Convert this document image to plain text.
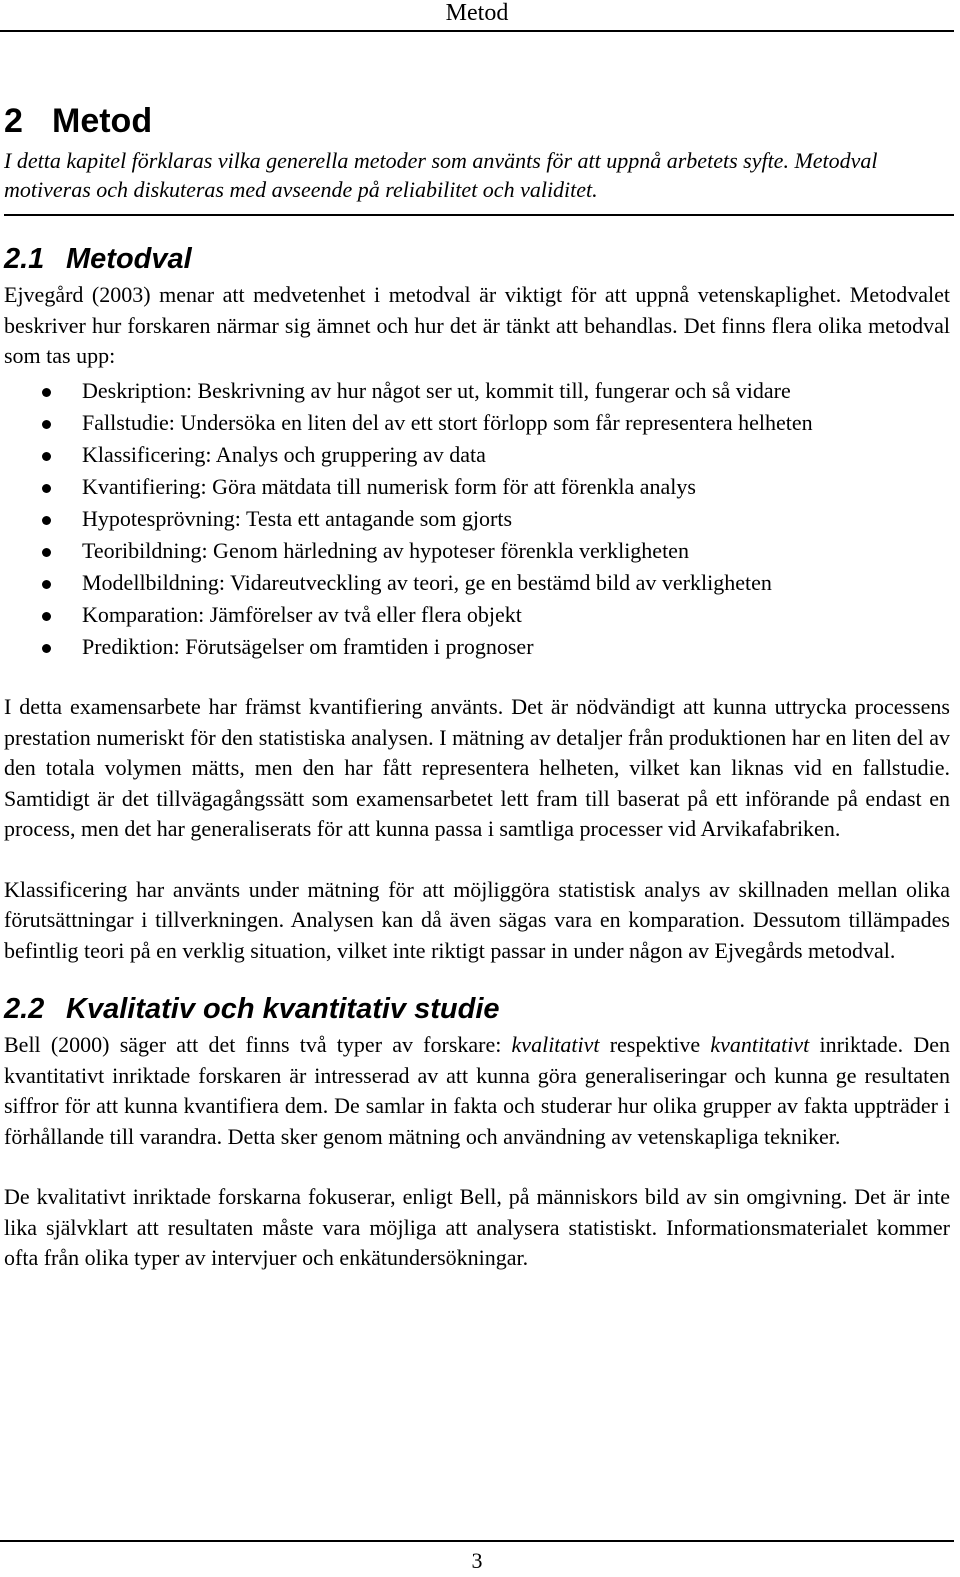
Metod
2 Metod
I detta kapitel förklaras vilka generella metoder som använts för att uppnå arbetets syfte. Metodval motiveras och diskuteras med avseende på reliabilitet och validitet.
2.1 Metodval

Ejvegård (2003) menar att medvetenhet i metodval är viktigt för att uppnå vetenskaplighet. Metodvalet beskriver hur forskaren närmar sig ämnet och hur det är tänkt att behandlas. Det finns flera olika metodval som tas upp:

Deskription: Beskrivning av hur något ser ut, kommit till, fungerar och så vidare
Fallstudie: Undersöka en liten del av ett stort förlopp som får representera helheten
Klassificering: Analys och gruppering av data
Kvantifiering: Göra mätdata till numerisk form för att förenkla analys
Hypotesprövning: Testa ett antagande som gjorts
Teoribildning: Genom härledning av hypoteser förenkla verkligheten
Modellbildning: Vidareutveckling av teori, ge en bestämd bild av verkligheten
Komparation: Jämförelser av två eller flera objekt
Prediktion: Förutsägelser om framtiden i prognoser

I detta examensarbete har främst kvantifiering använts. Det är nödvändigt att kunna uttrycka processens prestation numeriskt för den statistiska analysen. I mätning av detaljer från produktionen har en liten del av den totala volymen mätts, men den har fått representera helheten, vilket kan liknas vid en fallstudie. Samtidigt är det tillvägagångssätt som examensarbetet lett fram till baserat på ett införande på endast en process, men det har generaliserats för att kunna passa i samtliga processer vid Arvikafabriken.

Klassificering har använts under mätning för att möjliggöra statistisk analys av skillnaden mellan olika förutsättningar i tillverkningen. Analysen kan då även sägas vara en komparation. Dessutom tillämpades befintlig teori på en verklig situation, vilket inte riktigt passar in under någon av Ejvegårds metodval.

2.2 Kvalitativ och kvantitativ studie

Bell (2000) säger att det finns två typer av forskare: kvalitativt respektive kvantitativt inriktade. Den kvantitativt inriktade forskaren är intresserad av att kunna göra generaliseringar och kunna ge resultaten siffror för att kunna kvantifiera dem. De samlar in fakta och studerar hur olika grupper av fakta uppträder i förhållande till varandra. Detta sker genom mätning och användning av vetenskapliga tekniker.

De kvalitativt inriktade forskarna fokuserar, enligt Bell, på människors bild av sin omgivning. Det är inte lika självklart att resultaten måste vara möjliga att analysera statistiskt. Informationsmaterialet kommer ofta från olika typer av intervjuer och enkätundersökningar.

3
